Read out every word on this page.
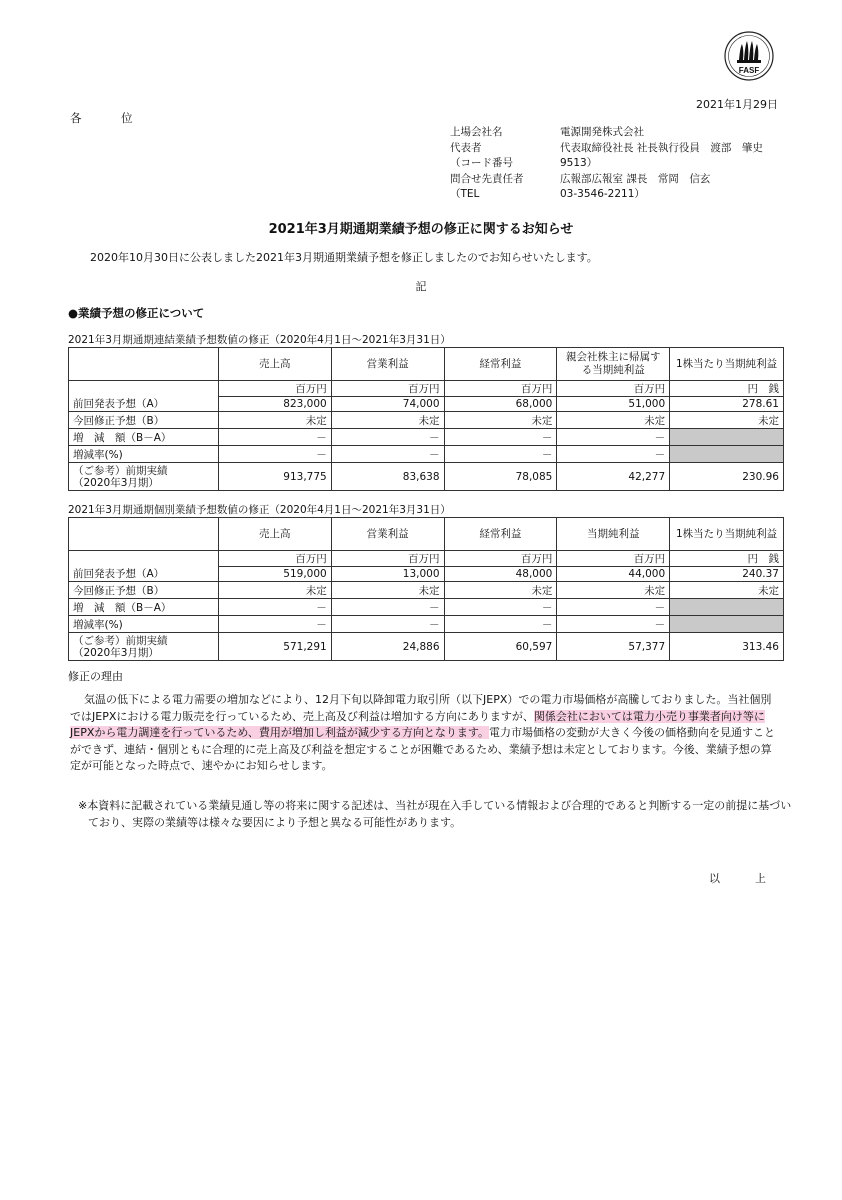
FASF
2021年1月29日
各　位
上場会社名	電源開発株式会社
代表者	代表取締役社長 社長執行役員　渡部　肇史
（コード番号	9513）
問合せ先責任者	広報部広報室 課長　常岡　信玄
（TEL	03-3546-2211）
2021年3月期通期業績予想の修正に関するお知らせ
2020年10月30日に公表しました2021年3月期通期業績予想を修正しましたのでお知らせいたします。
記
●業績予想の修正について
2021年3月期通期連結業績予想数値の修正（2020年4月1日～2021年3月31日）
	売上高	営業利益	経常利益	親会社株主に帰属する当期純利益	1株当たり当期純利益
前回発表予想（A）	百万円	百万円	百万円	百万円	円　銭
	823,000	74,000	68,000	51,000	278.61
今回修正予想（B）	未定	未定	未定	未定	未定
増　減　額（B－A）	－	－	－	－	
増減率(%)	－	－	－	－	
（ご参考）前期実績
（2020年3月期）	913,775	83,638	78,085	42,277	230.96
2021年3月期通期個別業績予想数値の修正（2020年4月1日～2021年3月31日）
	売上高	営業利益	経常利益	当期純利益	1株当たり当期純利益
前回発表予想（A）	百万円	百万円	百万円	百万円	円　銭
	519,000	13,000	48,000	44,000	240.37
今回修正予想（B）	未定	未定	未定	未定	未定
増　減　額（B－A）	－	－	－	－	
増減率(%)	－	－	－	－	
（ご参考）前期実績
（2020年3月期）	571,291	24,886	60,597	57,377	313.46
修正の理由
気温の低下による電力需要の増加などにより、12月下旬以降卸電力取引所（以下JEPX）での電力市場価格が高騰しておりました。当社個別ではJEPXにおける電力販売を行っているため、売上高及び利益は増加する方向にありますが、関係会社においては電力小売り事業者向け等にJEPXから電力調達を行っているため、費用が増加し利益が減少する方向となります。電力市場価格の変動が大きく今後の価格動向を見通すことができず、連結・個別ともに合理的に売上高及び利益を想定することが困難であるため、業績予想は未定としております。今後、業績予想の算定が可能となった時点で、速やかにお知らせします。
※本資料に記載されている業績見通し等の将来に関する記述は、当社が現在入手している情報および合理的であると判断する一定の前提に基づいており、実際の業績等は様々な要因により予想と異なる可能性があります。
以　上
